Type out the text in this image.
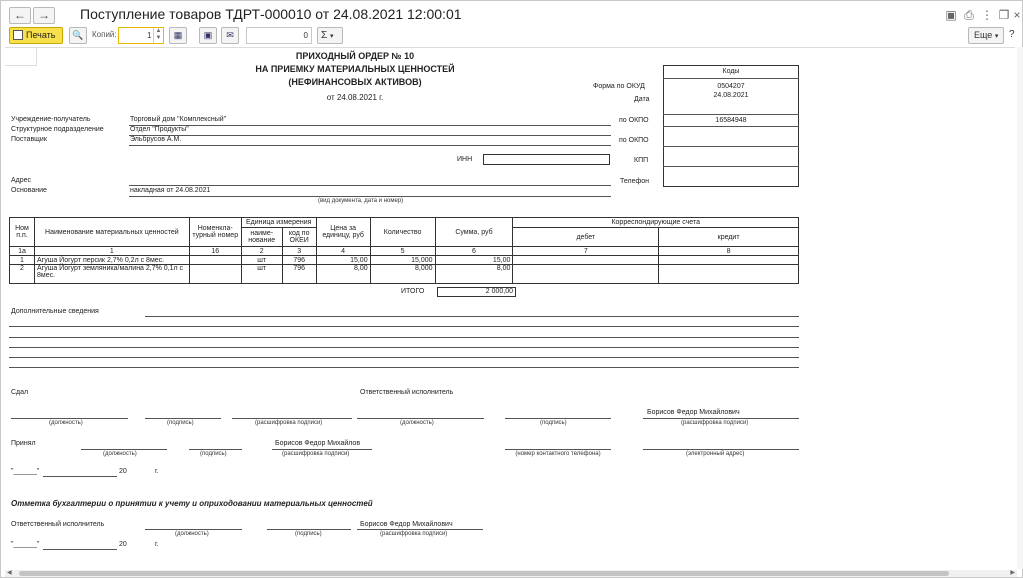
←	→	Поступление товаров ТДРТ-000010 от 24.08.2021 12:00:01	▣ ⎙ ⋮ ❐ ×
Печать	🔍	Копий:	1 ▲
▼	▦	▣	✉	0	Σ ▾	Еще ▾	?
ПРИХОДНЫЙ ОРДЕР № 10
НА ПРИЕМКУ МАТЕРИАЛЬНЫХ ЦЕННОСТЕЙ
(НЕФИНАНСОВЫХ АКТИВОВ)
от 24.08.2021 г.
Коды
Форма по ОКУД	0504207
Дата
24.08.2021
по ОКПО	16584948
по ОКПО
КПП
Телефон
Учреждение-получатель	Торговый дом "Комплексный"
Структурное подразделение	Отдел "Продукты"
Поставщик	Эльбрусов А.М.
ИНН
Адрес
Основание	накладная от 24.08.2021
(вид документа, дата и номер)
Ном п.п.	Наименование материальных ценностей	Номенкла-турный номер	Единица измерения		Цена за единицу, руб	Количество	Сумма, руб	Корреспондирующие счета	
			наиме-нование	код по ОКЕИ				дебет	кредит
1а	1	16	2	3	4	5	6	7	8
1	Агуша Йогурт персик 2,7% 0,2л с 8мес.		шт	796	15,00	15,000	15,00		
2	Агуша Йогурт земляника/малина 2,7% 0,1л с 8мес.		шт	796	8,00	8,000	8,00		
ИТОГО	2 000,00
Дополнительные сведения
Сдал	Ответственный исполнитель
(должность)	(подпись)	(расшифровка подписи)	(должность)	(подпись)
Борисов Федор Михайлович
(расшифровка подписи)
Принял
(должность)	(подпись)
Борисов Федор Михайлов
(расшифровка подписи)	(номер контактного телефона)	(электронный адрес)
"______"	20	г.
Отметка бухгалтерии о принятии к учету и оприходовании материальных ценностей
Ответственный исполнитель
(должность)	(подпись)
Борисов Федор Михайлович
(расшифровка подписи)
"______"	20	г.
◀	▶
